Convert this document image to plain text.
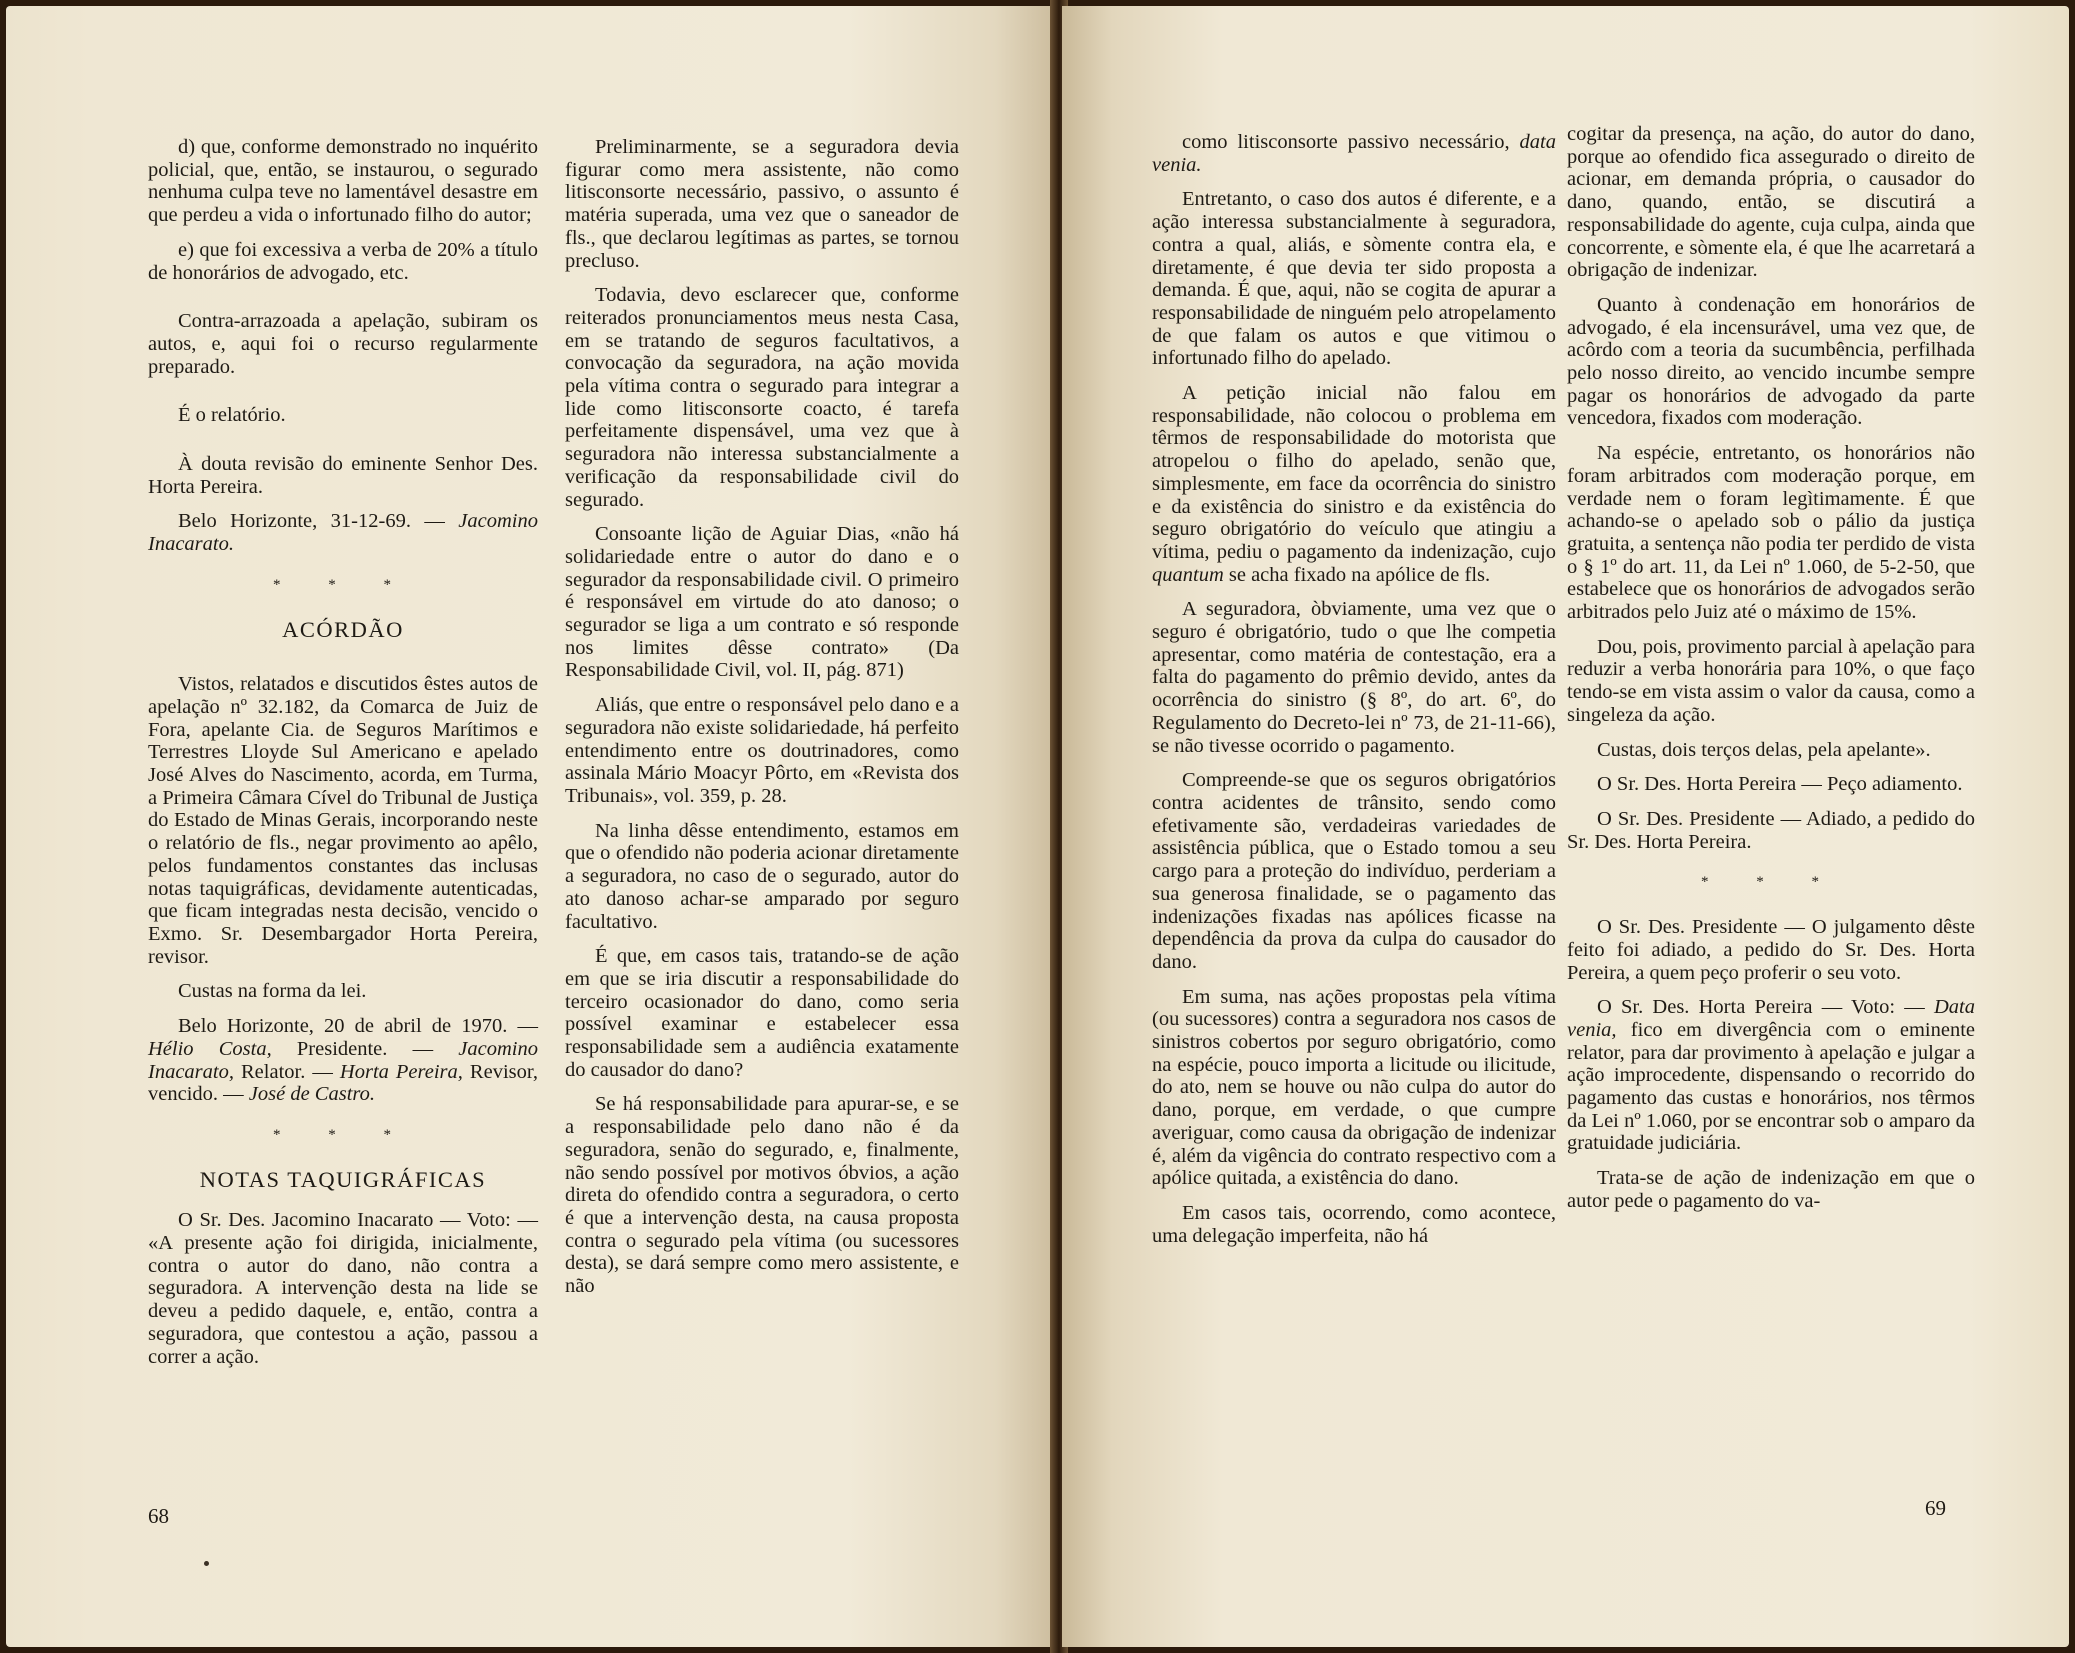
d) que, conforme demonstrado no inquérito policial, que, então, se instaurou, o segurado nenhuma culpa teve no lamentável desastre em que perdeu a vida o infortunado filho do autor;

e) que foi excessiva a verba de 20% a título de honorários de advogado, etc.

Contra-arrazoada a apelação, subiram os autos, e, aqui foi o recurso regularmente preparado.

É o relatório.

À douta revisão do eminente Senhor Des. Horta Pereira.

Belo Horizonte, 31-12-69. — Jacomino Inacarato.

* * *
ACÓRDÃO

Vistos, relatados e discutidos êstes autos de apelação nº 32.182, da Comarca de Juiz de Fora, apelante Cia. de Seguros Marítimos e Terrestres Lloyde Sul Americano e apelado José Alves do Nascimento, acorda, em Turma, a Primeira Câmara Cível do Tribunal de Justiça do Estado de Minas Gerais, incorporando neste o relatório de fls., negar provimento ao apêlo, pelos fundamentos constantes das inclusas notas taquigráficas, devidamente autenticadas, que ficam integradas nesta decisão, vencido o Exmo. Sr. Desembargador Horta Pereira, revisor.

Custas na forma da lei.

Belo Horizonte, 20 de abril de 1970. — Hélio Costa, Presidente. — Jacomino Inacarato, Relator. — Horta Pereira, Revisor, vencido. — José de Castro.

* * *
NOTAS TAQUIGRÁFICAS

O Sr. Des. Jacomino Inacarato — Voto: — «A presente ação foi dirigida, inicialmente, contra o autor do dano, não contra a seguradora. A intervenção desta na lide se deveu a pedido daquele, e, então, contra a seguradora, que contestou a ação, passou a correr a ação.

Preliminarmente, se a seguradora devia figurar como mera assistente, não como litisconsorte necessário, passivo, o assunto é matéria superada, uma vez que o saneador de fls., que declarou legítimas as partes, se tornou precluso.

Todavia, devo esclarecer que, conforme reiterados pronunciamentos meus nesta Casa, em se tratando de seguros facultativos, a convocação da seguradora, na ação movida pela vítima contra o segurado para integrar a lide como litisconsorte coacto, é tarefa perfeitamente dispensável, uma vez que à seguradora não interessa substancialmente a verificação da responsabilidade civil do segurado.

Consoante lição de Aguiar Dias, «não há solidariedade entre o autor do dano e o segurador da responsabilidade civil. O primeiro é responsável em virtude do ato danoso; o segurador se liga a um contrato e só responde nos limites dêsse contrato» (Da Responsabilidade Civil, vol. II, pág. 871)

Aliás, que entre o responsável pelo dano e a seguradora não existe solidariedade, há perfeito entendimento entre os doutrinadores, como assinala Mário Moacyr Pôrto, em «Revista dos Tribunais», vol. 359, p. 28.

Na linha dêsse entendimento, estamos em que o ofendido não poderia acionar diretamente a seguradora, no caso de o segurado, autor do ato danoso achar-se amparado por seguro facultativo.

É que, em casos tais, tratando-se de ação em que se iria discutir a responsabilidade do terceiro ocasionador do dano, como seria possível examinar e estabelecer essa responsabilidade sem a audiência exatamente do causador do dano?

Se há responsabilidade para apurar-se, e se a responsabilidade pelo dano não é da seguradora, senão do segurado, e, finalmente, não sendo possível por motivos óbvios, a ação direta do ofendido contra a seguradora, o certo é que a intervenção desta, na causa proposta contra o segurado pela vítima (ou sucessores desta), se dará sempre como mero assistente, e não

68

como litisconsorte passivo necessário, data venia.

Entretanto, o caso dos autos é diferente, e a ação interessa substancialmente à seguradora, contra a qual, aliás, e sòmente contra ela, e diretamente, é que devia ter sido proposta a demanda. É que, aqui, não se cogita de apurar a responsabilidade de ninguém pelo atropelamento de que falam os autos e que vitimou o infortunado filho do apelado.

A petição inicial não falou em responsabilidade, não colocou o problema em têrmos de responsabilidade do motorista que atropelou o filho do apelado, senão que, simplesmente, em face da ocorrência do sinistro e da existência do sinistro e da existência do seguro obrigatório do veículo que atingiu a vítima, pediu o pagamento da indenização, cujo quantum se acha fixado na apólice de fls.

A seguradora, òbviamente, uma vez que o seguro é obrigatório, tudo o que lhe competia apresentar, como matéria de contestação, era a falta do pagamento do prêmio devido, antes da ocorrência do sinistro (§ 8º, do art. 6º, do Regulamento do Decreto-lei nº 73, de 21-11-66), se não tivesse ocorrido o pagamento.

Compreende-se que os seguros obrigatórios contra acidentes de trânsito, sendo como efetivamente são, verdadeiras variedades de assistência pública, que o Estado tomou a seu cargo para a proteção do indivíduo, perderiam a sua generosa finalidade, se o pagamento das indenizações fixadas nas apólices ficasse na dependência da prova da culpa do causador do dano.

Em suma, nas ações propostas pela vítima (ou sucessores) contra a seguradora nos casos de sinistros cobertos por seguro obrigatório, como na espécie, pouco importa a licitude ou ilicitude, do ato, nem se houve ou não culpa do autor do dano, porque, em verdade, o que cumpre averiguar, como causa da obrigação de indenizar é, além da vigência do contrato respectivo com a apólice quitada, a existência do dano.

Em casos tais, ocorrendo, como acontece, uma delegação imperfeita, não há

cogitar da presença, na ação, do autor do dano, porque ao ofendido fica assegurado o direito de acionar, em demanda própria, o causador do dano, quando, então, se discutirá a responsabilidade do agente, cuja culpa, ainda que concorrente, e sòmente ela, é que lhe acarretará a obrigação de indenizar.

Quanto à condenação em honorários de advogado, é ela incensurável, uma vez que, de acôrdo com a teoria da sucumbência, perfilhada pelo nosso direito, ao vencido incumbe sempre pagar os honorários de advogado da parte vencedora, fixados com moderação.

Na espécie, entretanto, os honorários não foram arbitrados com moderação porque, em verdade nem o foram legìtimamente. É que achando-se o apelado sob o pálio da justiça gratuita, a sentença não podia ter perdido de vista o § 1º do art. 11, da Lei nº 1.060, de 5-2-50, que estabelece que os honorários de advogados serão arbitrados pelo Juiz até o máximo de 15%.

Dou, pois, provimento parcial à apelação para reduzir a verba honorária para 10%, o que faço tendo-se em vista assim o valor da causa, como a singeleza da ação.

Custas, dois terços delas, pela apelante».

O Sr. Des. Horta Pereira — Peço adiamento.

O Sr. Des. Presidente — Adiado, a pedido do Sr. Des. Horta Pereira.

* * *

O Sr. Des. Presidente — O julgamento dêste feito foi adiado, a pedido do Sr. Des. Horta Pereira, a quem peço proferir o seu voto.

O Sr. Des. Horta Pereira — Voto: — Data venia, fico em divergência com o eminente relator, para dar provimento à apelação e julgar a ação improcedente, dispensando o recorrido do pagamento das custas e honorários, nos têrmos da Lei nº 1.060, por se encontrar sob o amparo da gratuidade judiciária.

Trata-se de ação de indenização em que o autor pede o pagamento do va-

69
